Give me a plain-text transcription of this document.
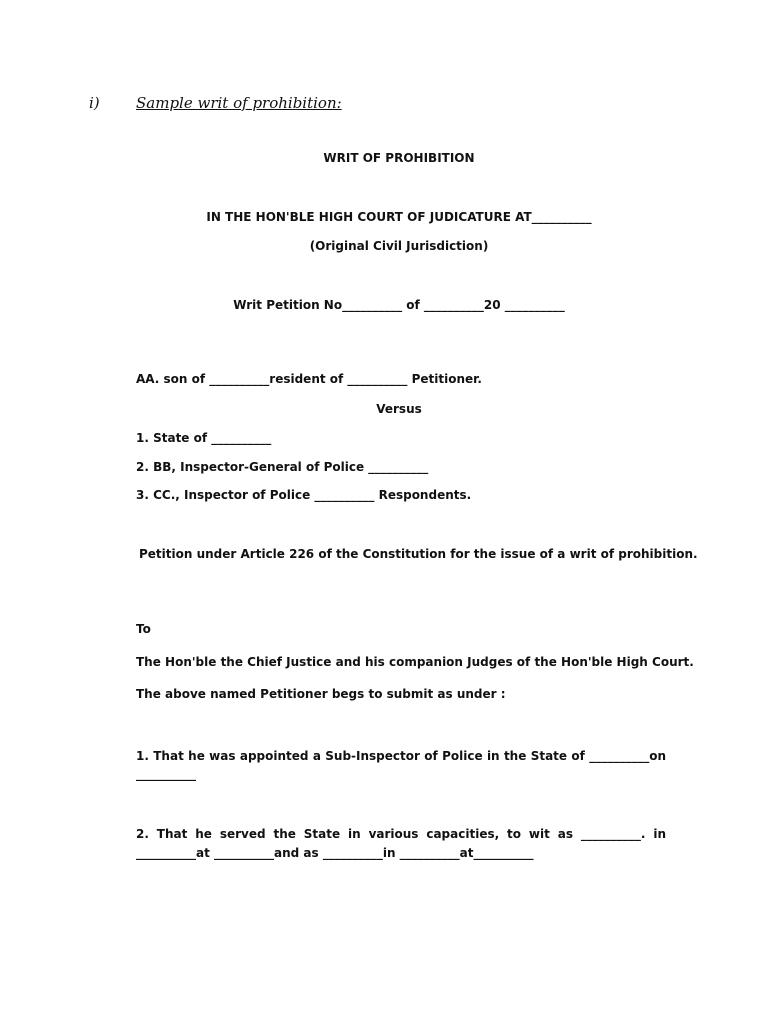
i) Sample writ of prohibition:
WRIT OF PROHIBITION
IN THE HON'BLE HIGH COURT OF JUDICATURE AT__________
(Original Civil Jurisdiction)
Writ Petition No__________ of __________20 __________
AA. son of __________resident of __________ Petitioner.
Versus
1. State of __________
2. BB, Inspector-General of Police __________
3. CC., Inspector of Police __________ Respondents.
Petition under Article 226 of the Constitution for the issue of a writ of prohibition.
To
The Hon'ble the Chief Justice and his companion Judges of the Hon'ble High Court.
The above named Petitioner begs to submit as under :
1. That he was appointed a Sub-Inspector of Police in the State of __________on
__________
2. That he served the State in various capacities, to wit as __________. in
__________at __________and as __________in __________at__________
